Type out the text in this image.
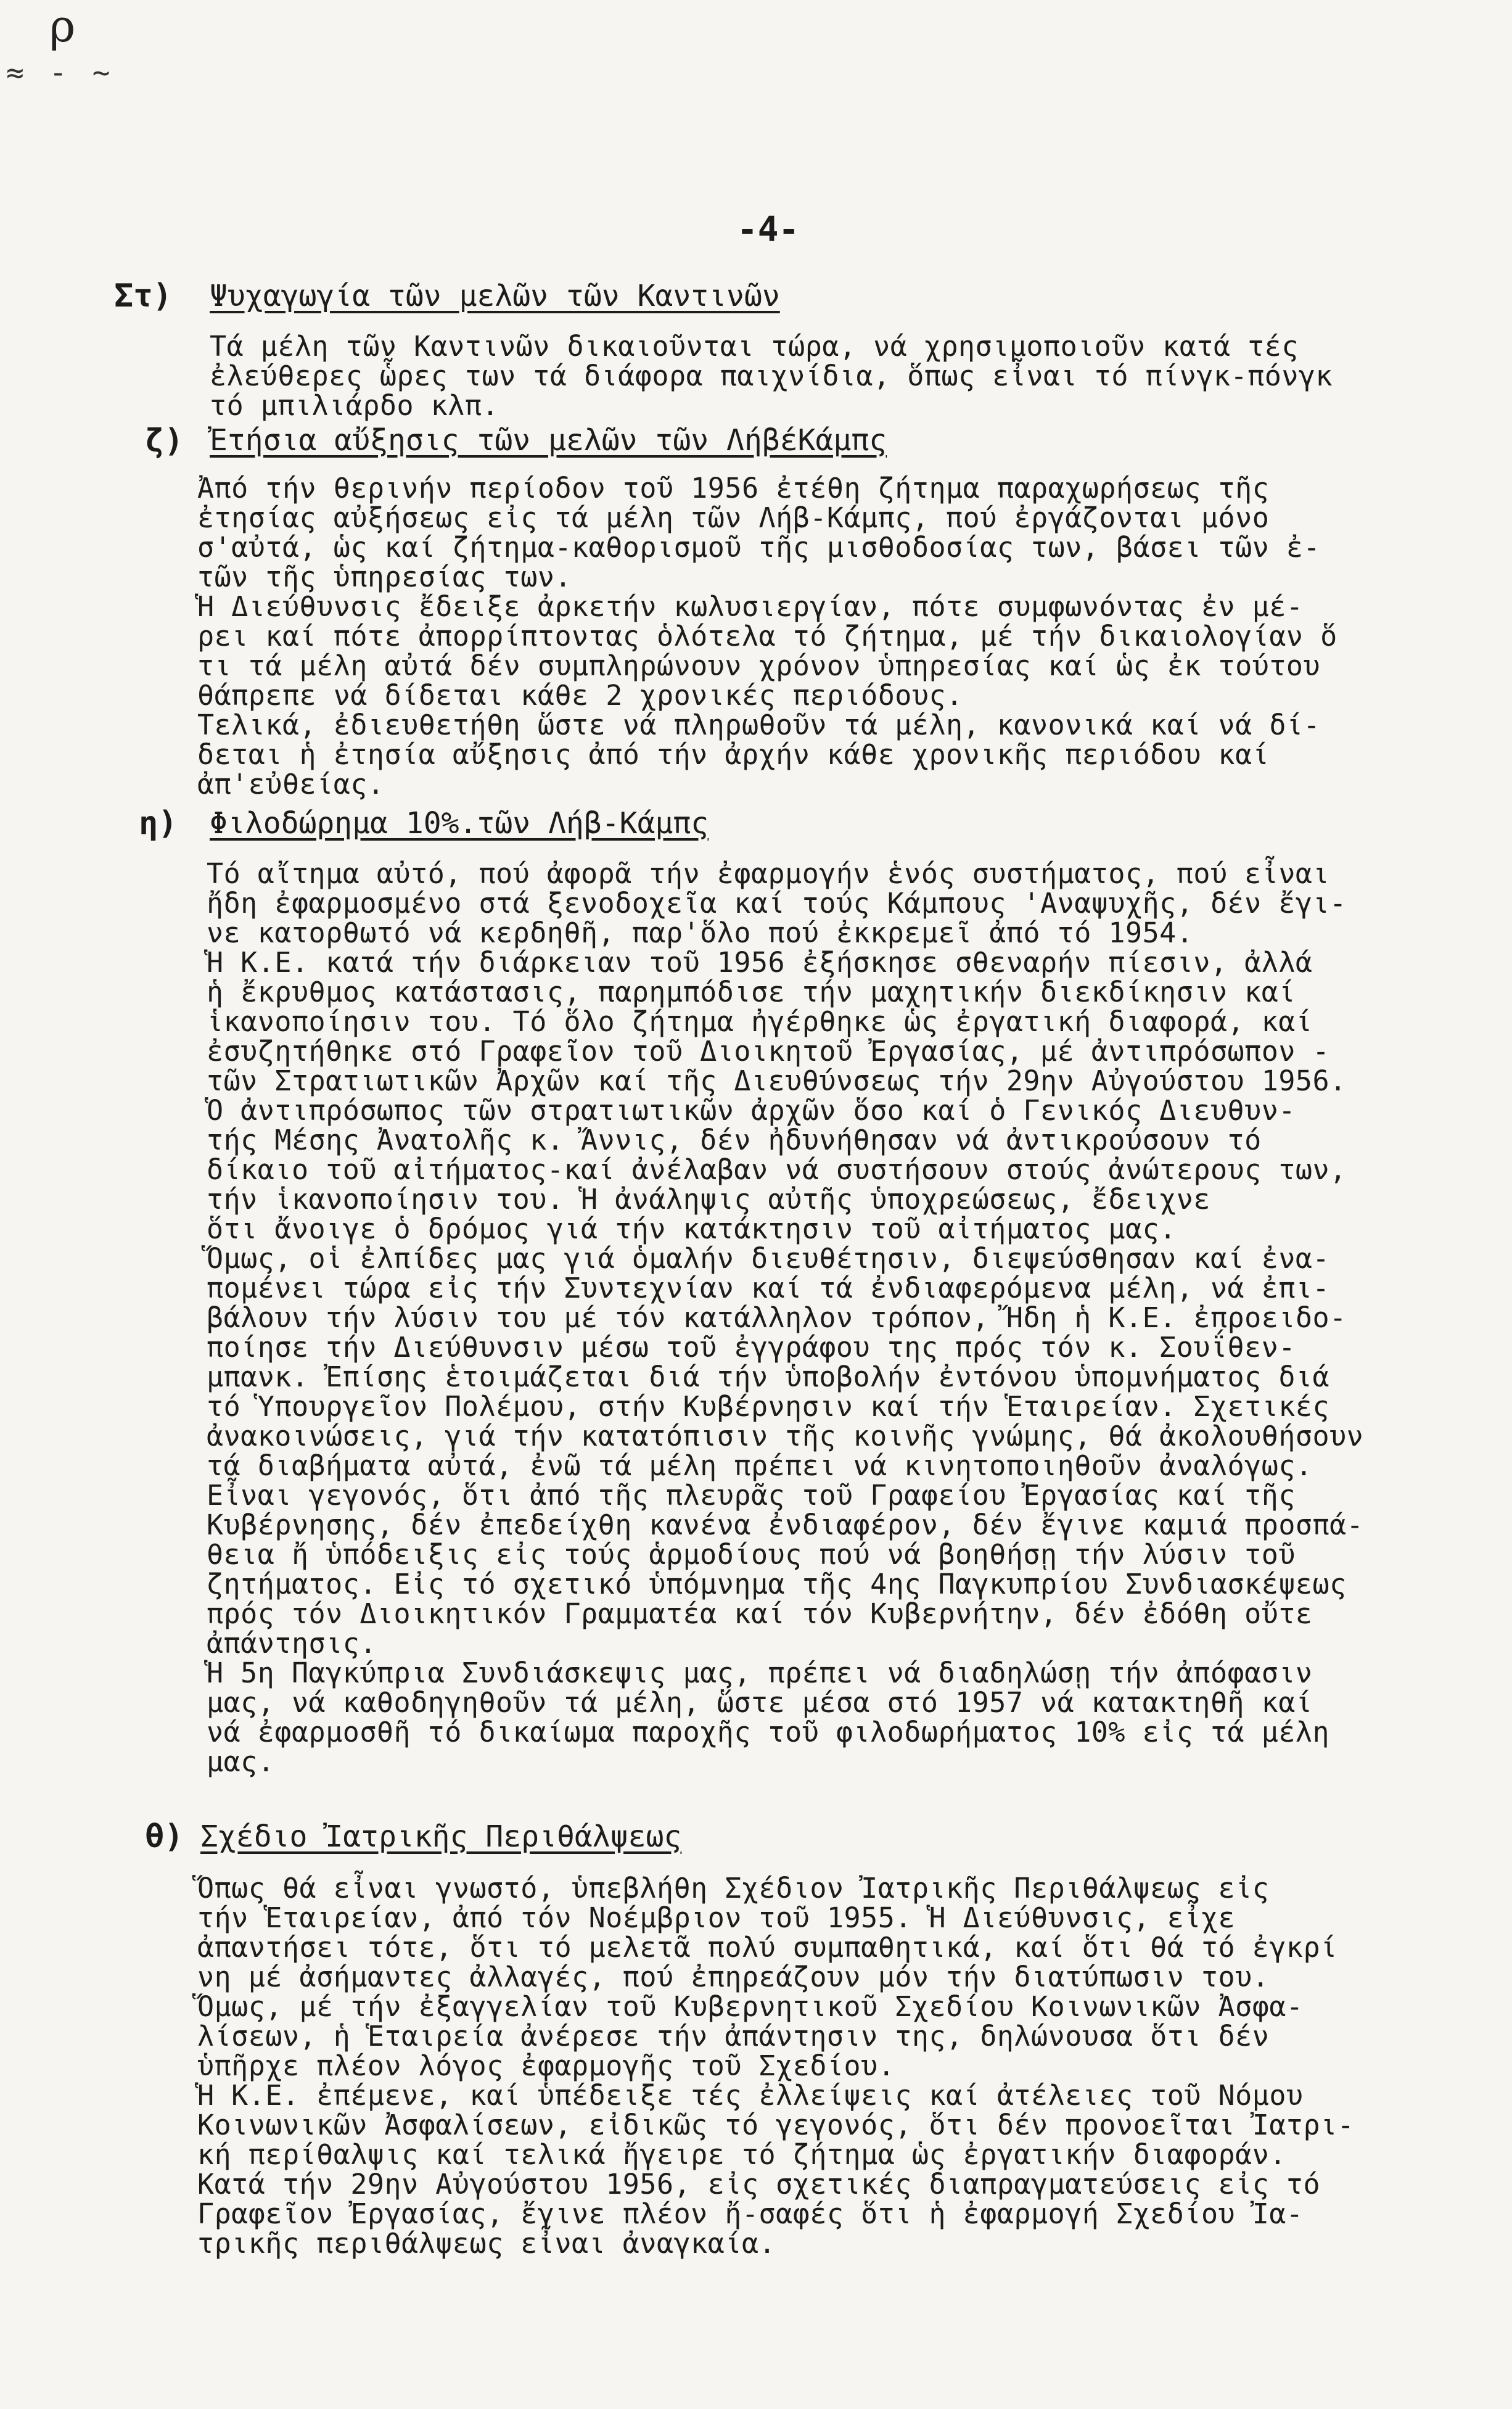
ρ
≈ - ~
-4-
Στ) Ψυχαγωγία τῶν μελῶν τῶν Καντινῶν
Τά μέλη τῶν Καντινῶν δικαιοῦνται τώρα, νά χρησιμοποιοῦν κατά τές
ἐλεύθερες ὧρες των τά διάφορα παιχνίδια, ὅπως εἶναι τό πίνγκ-πόνγκ
τό μπιλιάρδο κλπ.
ζ) Ἐτήσια αὔξησις τῶν μελῶν τῶν ΛήβέΚάμπς
Ἀπό τήν θερινήν περίοδον τοῦ 1956 ἐτέθη ζήτημα παραχωρήσεως τῆς
ἐτησίας αὐξήσεως εἰς τά μέλη τῶν Λήβ-Κάμπς, πού ἐργάζονται μόνο
σ'αὐτά, ὡς καί ζήτημα-καθορισμοῦ τῆς μισθοδοσίας των, βάσει τῶν ἐ-
τῶν τῆς ὑπηρεσίας των.
Ἡ Διεύθυνσις ἔδειξε ἀρκετήν κωλυσιεργίαν, πότε συμφωνόντας ἐν μέ-
ρει καί πότε ἀπορρίπτοντας ὁλότελα τό ζήτημα, μέ τήν δικαιολογίαν ὅ
τι τά μέλη αὐτά δέν συμπληρώνουν χρόνον ὑπηρεσίας καί ὡς ἐκ τούτου
θάπρεπε νά δίδεται κάθε 2 χρονικές περιόδους.
Τελικά, ἐδιευθετήθη ὥστε νά πληρωθοῦν τά μέλη, κανονικά καί νά δί-
δεται ἡ ἐτησία αὔξησις ἀπό τήν ἀρχήν κάθε χρονικῆς περιόδου καί
ἀπ'εὐθείας.
η) Φιλοδώρημα 10%.τῶν Λήβ-Κάμπς
Τό αἴτημα αὐτό, πού ἀφορᾶ τήν ἐφαρμογήν ἑνός συστήματος, πού εἶναι
ἤδη ἐφαρμοσμένο στά ξενοδοχεῖα καί τούς Κάμπους 'Αναψυχῆς, δέν ἔγι-
νε κατορθωτό νά κερδηθῆ, παρ'ὅλο πού ἐκκρεμεῖ ἀπό τό 1954.
Ἡ Κ.Ε. κατά τήν διάρκειαν τοῦ 1956 ἐξήσκησε σθεναρήν πίεσιν, ἀλλά
ἡ ἔκρυθμος κατάστασις, παρημπόδισε τήν μαχητικήν διεκδίκησιν καί
ἱκανοποίησιν του. Τό ὅλο ζήτημα ἠγέρθηκε ὡς ἐργατική διαφορά, καί
ἐσυζητήθηκε στό Γραφεῖον τοῦ Διοικητοῦ Ἐργασίας, μέ ἀντιπρόσωπον -
τῶν Στρατιωτικῶν Ἀρχῶν καί τῆς Διευθύνσεως τήν 29ην Αὐγούστου 1956.
Ὁ ἀντιπρόσωπος τῶν στρατιωτικῶν ἀρχῶν ὅσο καί ὁ Γενικός Διευθυν-
τής Μέσης Ἀνατολῆς κ. Ἄννις, δέν ἠδυνήθησαν νά ἀντικρούσουν τό
δίκαιο τοῦ αἰτήματος-καί ἀνέλαβαν νά συστήσουν στούς ἀνώτερους των,
τήν ἱκανοποίησιν του. Ἡ ἀνάληψις αὐτῆς ὑποχρεώσεως, ἔδειχνε
ὅτι ἄνοιγε ὁ δρόμος γιά τήν κατάκτησιν τοῦ αἰτήματος μας.
Ὅμως, οἱ ἐλπίδες μας γιά ὁμαλήν διευθέτησιν, διεψεύσθησαν καί ἐνα-
πομένει τώρα εἰς τήν Συντεχνίαν καί τά ἐνδιαφερόμενα μέλη, νά ἐπι-
βάλουν τήν λύσιν του μέ τόν κατάλληλον τρόπον, Ἤδη ἡ Κ.Ε. ἐπροειδο-
ποίησε τήν Διεύθυνσιν μέσω τοῦ ἐγγράφου της πρός τόν κ. Σουΐθεν-
μπανκ. Ἐπίσης ἑτοιμάζεται διά τήν ὑποβολήν ἐντόνου ὑπομνήματος διά
τό Ὑπουργεῖον Πολέμου, στήν Κυβέρνησιν καί τήν Ἑταιρείαν. Σχετικές
ἀνακοινώσεις, γιά τήν κατατόπισιν τῆς κοινῆς γνώμης, θά ἀκολουθήσουν
τά διαβήματα αὐτά, ἐνῶ τά μέλη πρέπει νά κινητοποιηθοῦν ἀναλόγως.
Εἶναι γεγονός, ὅτι ἀπό τῆς πλευρᾶς τοῦ Γραφείου Ἐργασίας καί τῆς
Κυβέρνησης, δέν ἐπεδείχθη κανένα ἐνδιαφέρον, δέν ἔγινε καμιά προσπά-
θεια ἤ ὑπόδειξις εἰς τούς ἁρμοδίους πού νά βοηθήσῃ τήν λύσιν τοῦ
ζητήματος. Εἰς τό σχετικό ὑπόμνημα τῆς 4ης Παγκυπρίου Συνδιασκέψεως
πρός τόν Διοικητικόν Γραμματέα καί τόν Κυβερνήτην, δέν ἐδόθη οὔτε
ἀπάντησις.
Ἡ 5η Παγκύπρια Συνδιάσκεψις μας, πρέπει νά διαδηλώσῃ τήν ἀπόφασιν
μας, νά καθοδηγηθοῦν τά μέλη, ὥστε μέσα στό 1957 νά κατακτηθῆ καί
νά ἐφαρμοσθῆ τό δικαίωμα παροχῆς τοῦ φιλοδωρήματος 10% εἰς τά μέλη
μας.
θ) Σχέδιο Ἰατρικῆς Περιθάλψεως
Ὅπως θά εἶναι γνωστό, ὑπεβλήθη Σχέδιον Ἰατρικῆς Περιθάλψεως εἰς
τήν Ἑταιρείαν, ἀπό τόν Νοέμβριον τοῦ 1955. Ἡ Διεύθυνσις, εἶχε
ἀπαντήσει τότε, ὅτι τό μελετᾶ πολύ συμπαθητικά, καί ὅτι θά τό ἐγκρί
νη μέ ἀσήμαντες ἀλλαγές, πού ἐπηρεάζουν μόν τήν διατύπωσιν του.
Ὅμως, μέ τήν ἐξαγγελίαν τοῦ Κυβερνητικοῦ Σχεδίου Κοινωνικῶν Ἀσφα-
λίσεων, ἡ Ἑταιρεία ἀνέρεσε τήν ἀπάντησιν της, δηλώνουσα ὅτι δέν
ὑπῆρχε πλέον λόγος ἐφαρμογῆς τοῦ Σχεδίου.
Ἡ Κ.Ε. ἐπέμενε, καί ὑπέδειξε τές ἐλλείψεις καί ἀτέλειες τοῦ Νόμου
Κοινωνικῶν Ἀσφαλίσεων, εἰδικῶς τό γεγονός, ὅτι δέν προνοεῖται Ἰατρι-
κή περίθαλψις καί τελικά ἤγειρε τό ζήτημα ὡς ἐργατικήν διαφοράν.
Κατά τήν 29ην Αὐγούστου 1956, εἰς σχετικές διαπραγματεύσεις εἰς τό
Γραφεῖον Ἐργασίας, ἔγινε πλέον ἤ-σαφές ὅτι ἡ ἐφαρμογή Σχεδίου Ἰα-
τρικῆς περιθάλψεως εἶναι ἀναγκαία.
